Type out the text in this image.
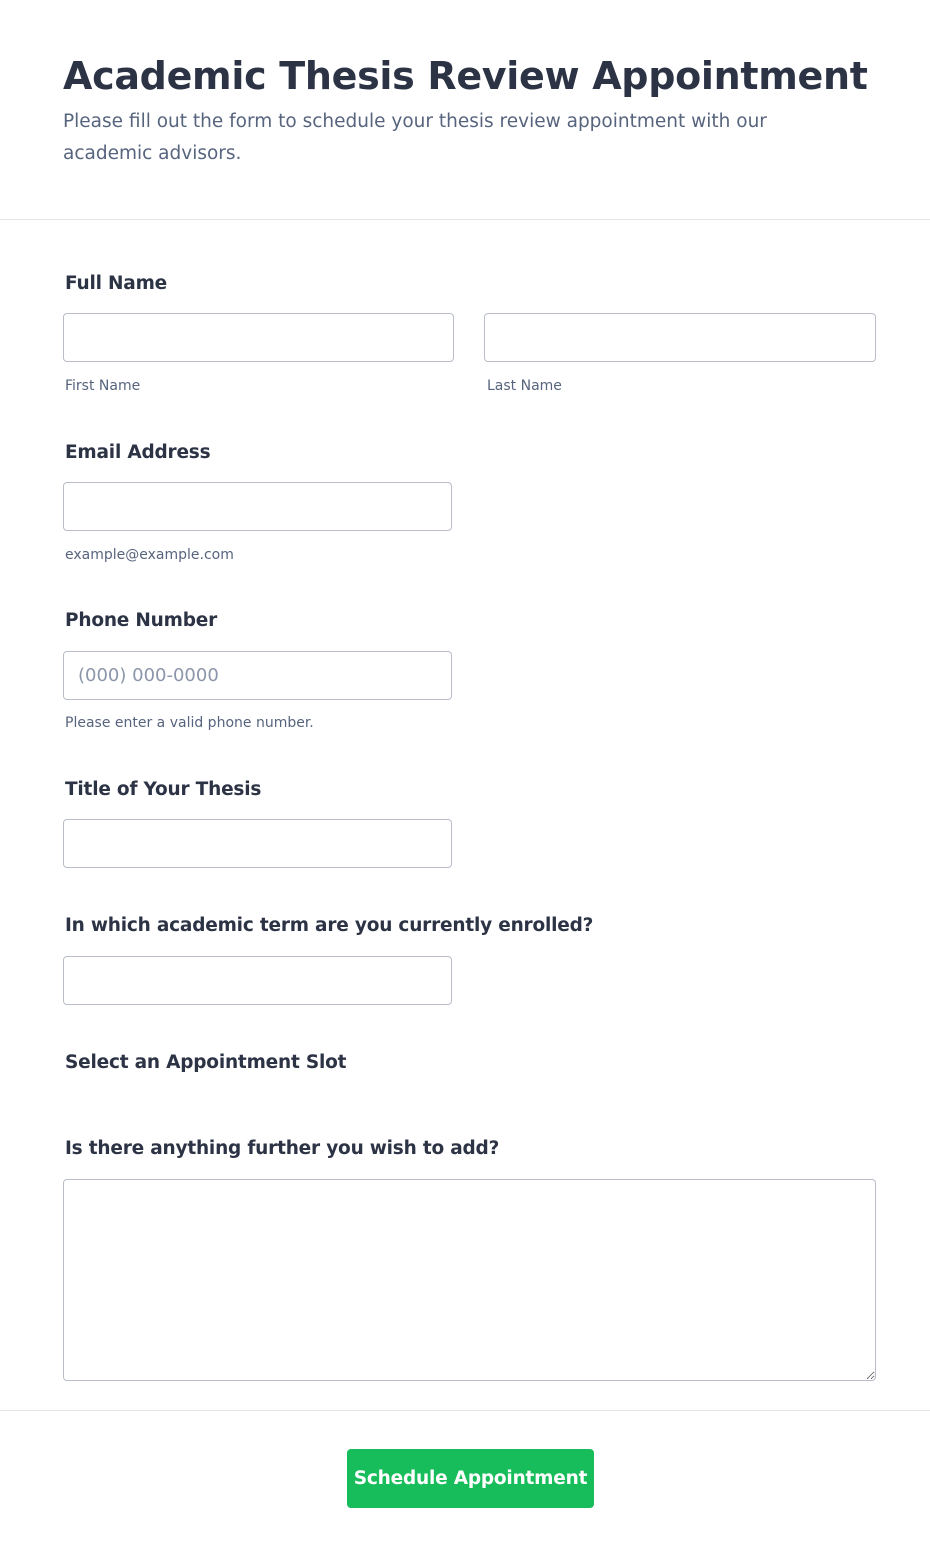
Academic Thesis Review Appointment

Please fill out the form to schedule your thesis review appointment with our academic advisors.

Full Name
First Name	Last Name
Email Address
example@example.com
Phone Number
(000) 000-0000
Please enter a valid phone number.
Title of Your Thesis
In which academic term are you currently enrolled?
Select an Appointment Slot
Is there anything further you wish to add?
Schedule Appointment
